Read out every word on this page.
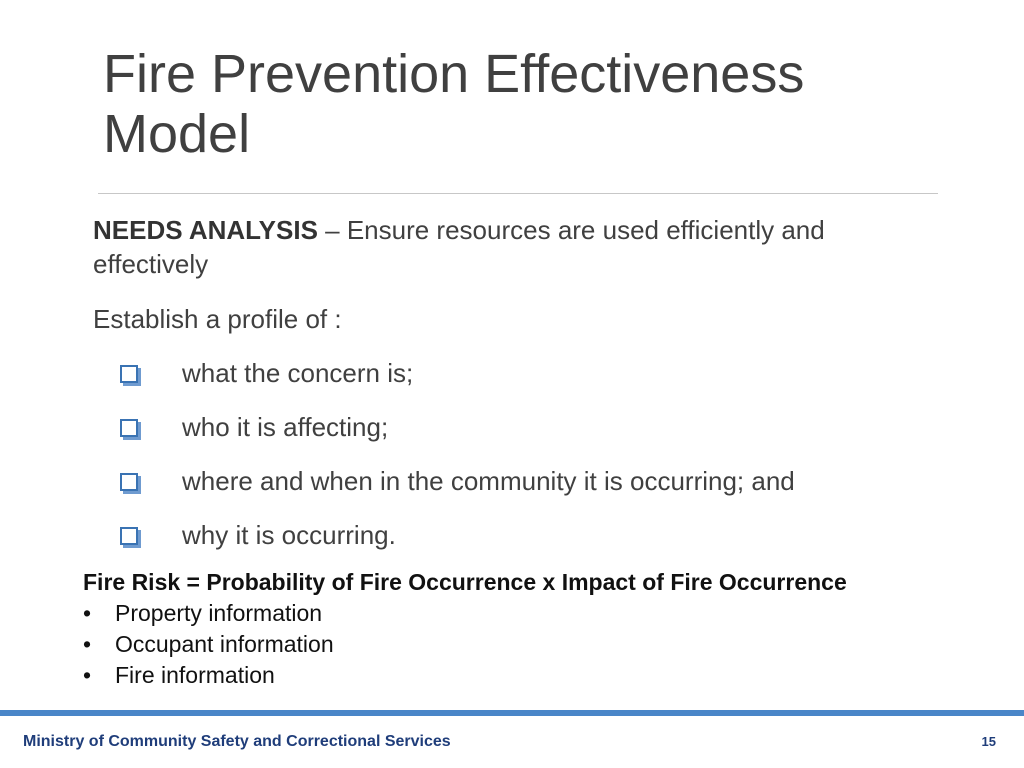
Fire Prevention Effectiveness
Model
NEEDS ANALYSIS – Ensure resources are used efficiently and effectively
Establish a profile of :
what the concern is;
who it is affecting;
where and when in the community it is occurring; and
why it is occurring.
Fire Risk = Probability of Fire Occurrence x Impact of Fire Occurrence
• Property information
• Occupant information
• Fire information
Ministry of Community Safety and Correctional Services	15
